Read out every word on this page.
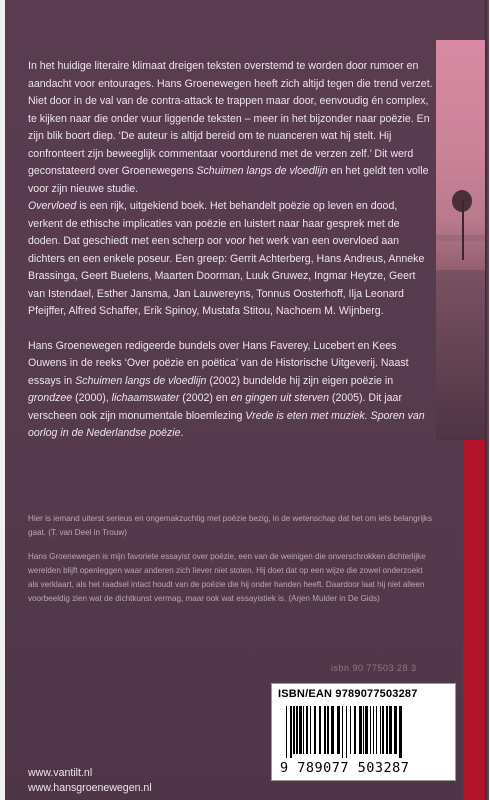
In het huidige literaire klimaat dreigen teksten overstemd te worden door rumoer en aandacht voor entourages. Hans Groenewegen heeft zich altijd tegen die trend verzet. Niet door in de val van de contra-attack te trappen maar door, eenvoudig én complex, te kijken naar die onder vuur liggende teksten – meer in het bijzonder naar poëzie. En zijn blik boort diep. ‘De auteur is altijd bereid om te nuanceren wat hij stelt. Hij confronteert zijn beweeglijk commentaar voortdurend met de verzen zelf.’ Dit werd geconstateerd over Groenewegens Schuimen langs de vloedlijn en het geldt ten volle voor zijn nieuwe studie.

Overvloed is een rijk, uitgekiend boek. Het behandelt poëzie op leven en dood, verkent de ethische implicaties van poëzie en luistert naar haar gesprek met de doden. Dat geschiedt met een scherp oor voor het werk van een overvloed aan dichters en een enkele poseur. Een greep: Gerrit Achterberg, Hans Andreus, Anneke Brassinga, Geert Buelens, Maarten Doorman, Luuk Gruwez, Ingmar Heytze, Geert van Istendael, Esther Jansma, Jan Lauwereyns, Tonnus Oosterhoff, Ilja Leonard Pfeijffer, Alfred Schaffer, Erik Spinoy, Mustafa Stitou, Nachoem M. Wijnberg.

Hans Groenewegen redigeerde bundels over Hans Faverey, Lucebert en Kees Ouwens in de reeks ‘Over poëzie en poëtica’ van de Historische Uitgeverij. Naast essays in Schuimen langs de vloedlijn (2002) bundelde hij zijn eigen poëzie in grondzee (2000), lichaamswater (2002) en en gingen uit sterven (2005). Dit jaar verscheen ook zijn monumentale bloemlezing Vrede is eten met muziek. Sporen van oorlog in de Nederlandse poëzie.

Hier is iemand uiterst serieus en ongemakzuchtig met poëzie bezig, in de wetenschap dat het om iets belangrijks gaat. (T. van Deel in Trouw)

Hans Groenewegen is mijn favoriete essayist over poëzie, een van de weinigen die onverschrokken dichterlijke werelden blijft openleggen waar anderen zich liever niet stoten. Hij doet dat op een wijze die zowel onderzoekt als verklaart, als het raadsel intact houdt van de poëzie die hij onder handen heeft. Daardoor laat hij niet alleen voorbeeldig zien wat de dichtkunst vermag, maar ook wat essayistiek is. (Arjen Mulder in De Gids)

isbn 90 77503 28 3
ISBN/EAN 9789077503287
9 789077 503287
www.vantilt.nl
www.hansgroenewegen.nl
